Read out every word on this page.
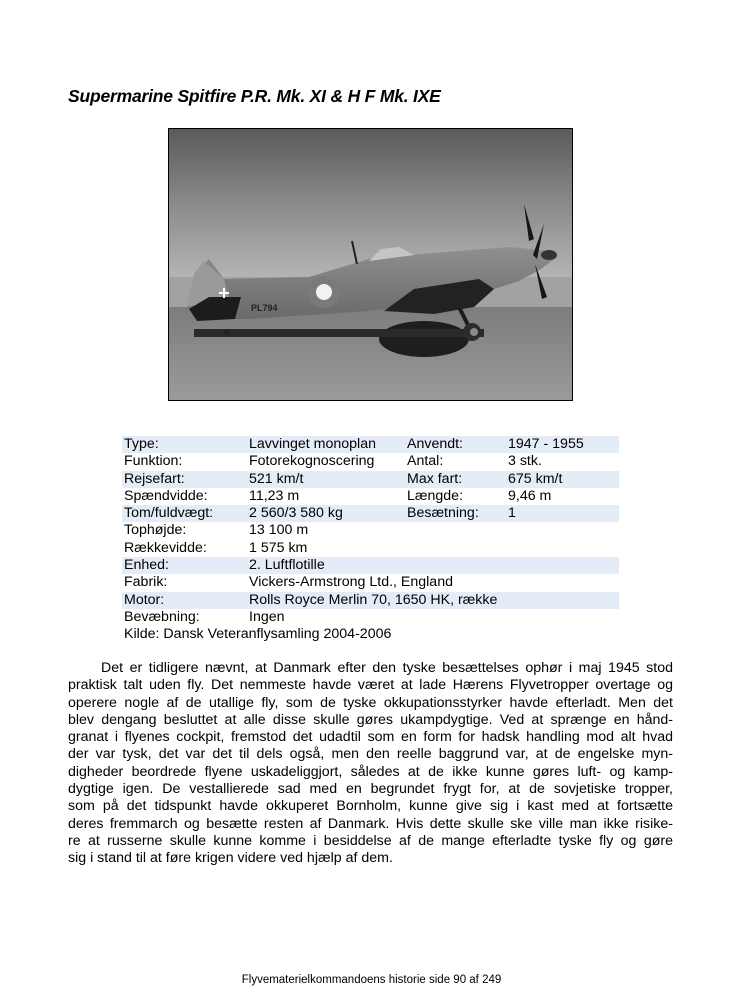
Supermarine Spitfire P.R. Mk. XI & H F Mk. IXE
PL794
Type:	Lavvinget monoplan	Anvendt:	1947 - 1955
Funktion:	Fotorekognoscering	Antal:	3 stk.
Rejsefart:	521 km/t	Max fart:	675 km/t
Spændvidde:	11,23 m	Længde:	9,46 m
Tom/fuldvægt:	2 560/3 580 kg	Besætning:	1
Tophøjde:	13 100 m		
Rækkevidde:	1 575 km		
Enhed:	2. Luftflotille		
Fabrik:	Vickers-Armstrong Ltd., England		
Motor:	Rolls Royce Merlin 70, 1650 HK, række		
Bevæbning:	Ingen		
Kilde: Dansk Veteranflysamling 2004-2006
Det er tidligere nævnt, at Danmark efter den tyske besættelses ophør i maj 1945 stod
praktisk talt uden fly. Det nemmeste havde været at lade Hærens Flyvetropper overtage og
operere nogle af de utallige fly, som de tyske okkupationsstyrker havde efterladt. Men det
blev dengang besluttet at alle disse skulle gøres ukampdygtige. Ved at sprænge en hånd-
granat i flyenes cockpit, fremstod det udadtil som en form for hadsk handling mod alt hvad
der var tysk, det var det til dels også, men den reelle baggrund var, at de engelske myn-
digheder beordrede flyene uskadeliggjort, således at de ikke kunne gøres luft- og kamp-
dygtige igen. De vestallierede sad med en begrundet frygt for, at de sovjetiske tropper,
som på det tidspunkt havde okkuperet Bornholm, kunne give sig i kast med at fortsætte
deres fremmarch og besætte resten af Danmark. Hvis dette skulle ske ville man ikke risike-
re at russerne skulle kunne komme i besiddelse af de mange efterladte tyske fly og gøre
sig i stand til at føre krigen videre ved hjælp af dem.
Flyvematerielkommandoens historie side 90 af 249
